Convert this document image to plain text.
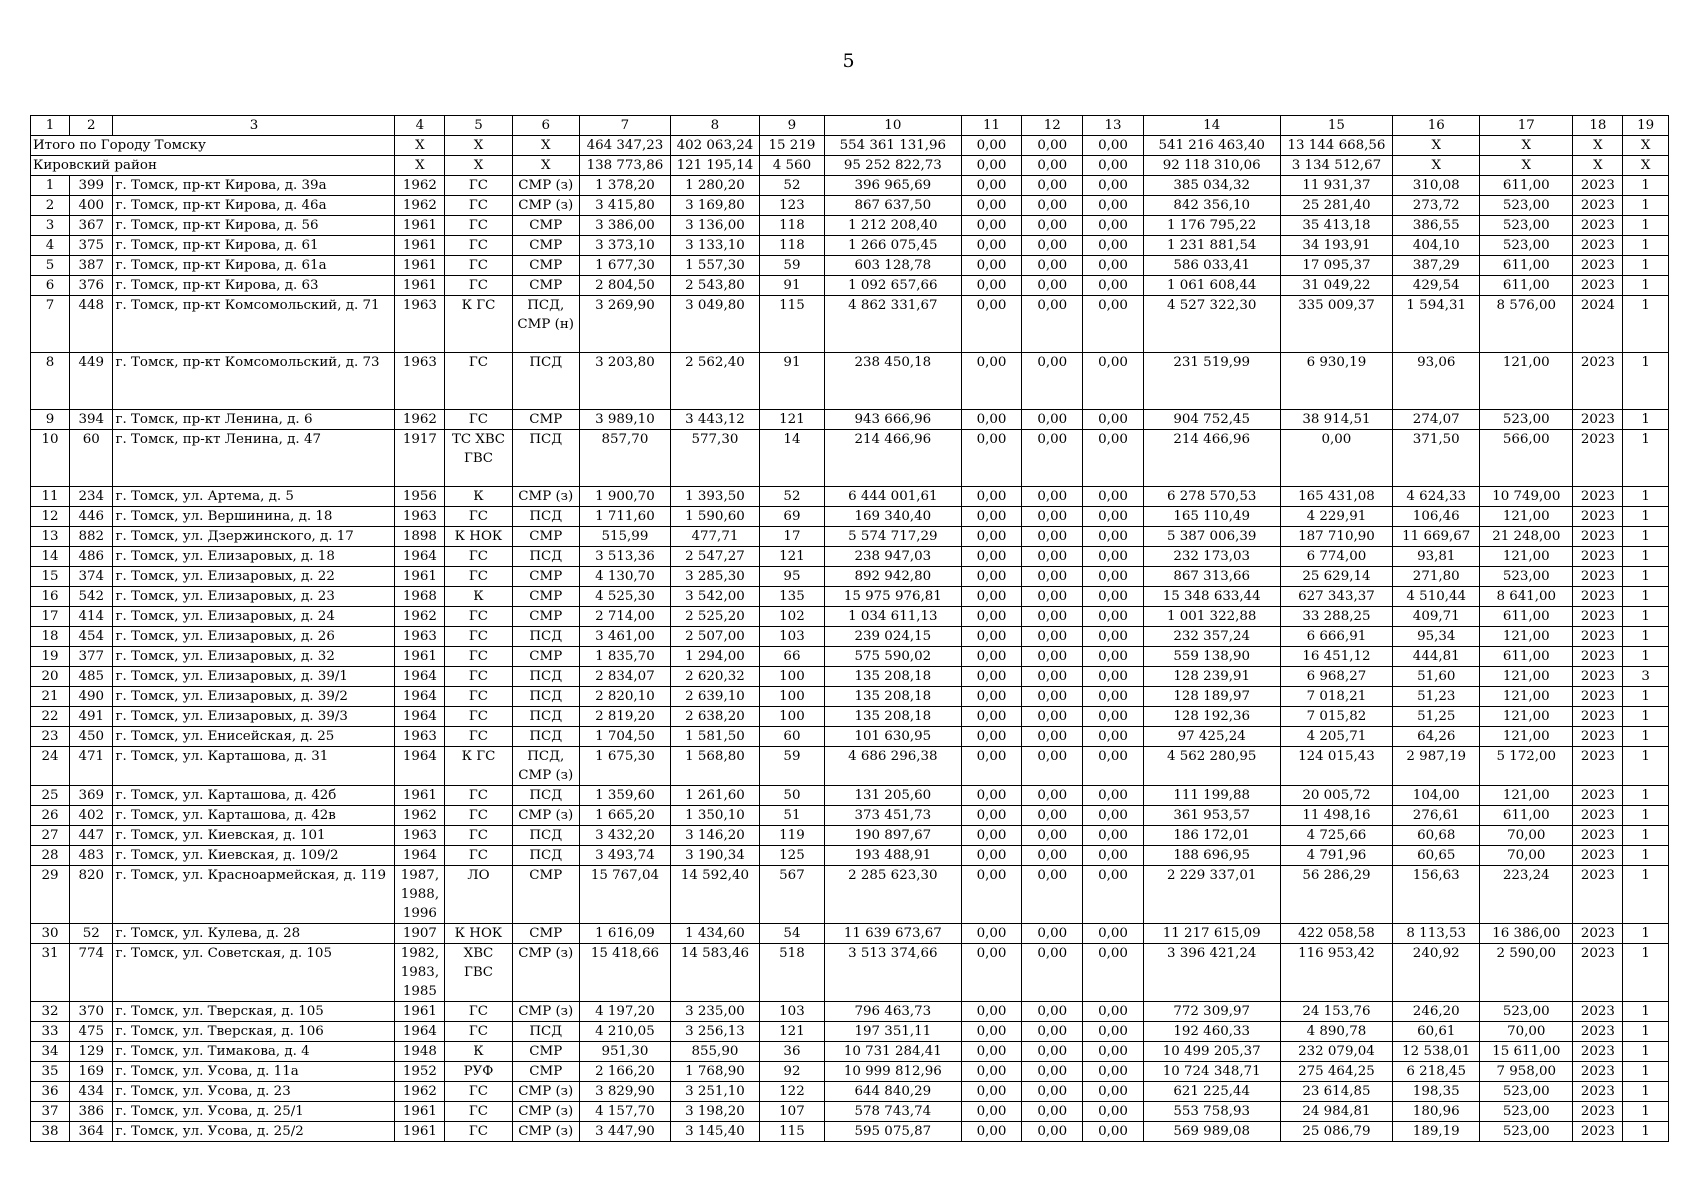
5
1	2	3	4	5	6	7	8	9	10	11	12	13	14	15	16	17	18	19
Итого по Городу Томску			X	X	X	464 347,23	402 063,24	15 219	554 361 131,96	0,00	0,00	0,00	541 216 463,40	13 144 668,56	X	X	X	X
Кировский район			X	X	X	138 773,86	121 195,14	4 560	95 252 822,73	0,00	0,00	0,00	92 118 310,06	3 134 512,67	X	X	X	X
1	399	г. Томск, пр-кт Кирова, д. 39а	1962	ГС	СМР (з)	1 378,20	1 280,20	52	396 965,69	0,00	0,00	0,00	385 034,32	11 931,37	310,08	611,00	2023	1
2	400	г. Томск, пр-кт Кирова, д. 46а	1962	ГС	СМР (з)	3 415,80	3 169,80	123	867 637,50	0,00	0,00	0,00	842 356,10	25 281,40	273,72	523,00	2023	1
3	367	г. Томск, пр-кт Кирова, д. 56	1961	ГС	СМР	3 386,00	3 136,00	118	1 212 208,40	0,00	0,00	0,00	1 176 795,22	35 413,18	386,55	523,00	2023	1
4	375	г. Томск, пр-кт Кирова, д. 61	1961	ГС	СМР	3 373,10	3 133,10	118	1 266 075,45	0,00	0,00	0,00	1 231 881,54	34 193,91	404,10	523,00	2023	1
5	387	г. Томск, пр-кт Кирова, д. 61а	1961	ГС	СМР	1 677,30	1 557,30	59	603 128,78	0,00	0,00	0,00	586 033,41	17 095,37	387,29	611,00	2023	1
6	376	г. Томск, пр-кт Кирова, д. 63	1961	ГС	СМР	2 804,50	2 543,80	91	1 092 657,66	0,00	0,00	0,00	1 061 608,44	31 049,22	429,54	611,00	2023	1
7	448	г. Томск, пр-кт Комсомольский, д. 71	1963	К ГС	ПСД,
СМР (н)	3 269,90	3 049,80	115	4 862 331,67	0,00	0,00	0,00	4 527 322,30	335 009,37	1 594,31	8 576,00	2024	1
8	449	г. Томск, пр-кт Комсомольский, д. 73	1963	ГС	ПСД	3 203,80	2 562,40	91	238 450,18	0,00	0,00	0,00	231 519,99	6 930,19	93,06	121,00	2023	1
9	394	г. Томск, пр-кт Ленина, д. 6	1962	ГС	СМР	3 989,10	3 443,12	121	943 666,96	0,00	0,00	0,00	904 752,45	38 914,51	274,07	523,00	2023	1
10	60	г. Томск, пр-кт Ленина, д. 47	1917	ТС ХВС
ГВС	ПСД	857,70	577,30	14	214 466,96	0,00	0,00	0,00	214 466,96	0,00	371,50	566,00	2023	1
11	234	г. Томск, ул. Артема, д. 5	1956	К	СМР (з)	1 900,70	1 393,50	52	6 444 001,61	0,00	0,00	0,00	6 278 570,53	165 431,08	4 624,33	10 749,00	2023	1
12	446	г. Томск, ул. Вершинина, д. 18	1963	ГС	ПСД	1 711,60	1 590,60	69	169 340,40	0,00	0,00	0,00	165 110,49	4 229,91	106,46	121,00	2023	1
13	882	г. Томск, ул. Дзержинского, д. 17	1898	К НОК	СМР	515,99	477,71	17	5 574 717,29	0,00	0,00	0,00	5 387 006,39	187 710,90	11 669,67	21 248,00	2023	1
14	486	г. Томск, ул. Елизаровых, д. 18	1964	ГС	ПСД	3 513,36	2 547,27	121	238 947,03	0,00	0,00	0,00	232 173,03	6 774,00	93,81	121,00	2023	1
15	374	г. Томск, ул. Елизаровых, д. 22	1961	ГС	СМР	4 130,70	3 285,30	95	892 942,80	0,00	0,00	0,00	867 313,66	25 629,14	271,80	523,00	2023	1
16	542	г. Томск, ул. Елизаровых, д. 23	1968	К	СМР	4 525,30	3 542,00	135	15 975 976,81	0,00	0,00	0,00	15 348 633,44	627 343,37	4 510,44	8 641,00	2023	1
17	414	г. Томск, ул. Елизаровых, д. 24	1962	ГС	СМР	2 714,00	2 525,20	102	1 034 611,13	0,00	0,00	0,00	1 001 322,88	33 288,25	409,71	611,00	2023	1
18	454	г. Томск, ул. Елизаровых, д. 26	1963	ГС	ПСД	3 461,00	2 507,00	103	239 024,15	0,00	0,00	0,00	232 357,24	6 666,91	95,34	121,00	2023	1
19	377	г. Томск, ул. Елизаровых, д. 32	1961	ГС	СМР	1 835,70	1 294,00	66	575 590,02	0,00	0,00	0,00	559 138,90	16 451,12	444,81	611,00	2023	1
20	485	г. Томск, ул. Елизаровых, д. 39/1	1964	ГС	ПСД	2 834,07	2 620,32	100	135 208,18	0,00	0,00	0,00	128 239,91	6 968,27	51,60	121,00	2023	3
21	490	г. Томск, ул. Елизаровых, д. 39/2	1964	ГС	ПСД	2 820,10	2 639,10	100	135 208,18	0,00	0,00	0,00	128 189,97	7 018,21	51,23	121,00	2023	1
22	491	г. Томск, ул. Елизаровых, д. 39/3	1964	ГС	ПСД	2 819,20	2 638,20	100	135 208,18	0,00	0,00	0,00	128 192,36	7 015,82	51,25	121,00	2023	1
23	450	г. Томск, ул. Енисейская, д. 25	1963	ГС	ПСД	1 704,50	1 581,50	60	101 630,95	0,00	0,00	0,00	97 425,24	4 205,71	64,26	121,00	2023	1
24	471	г. Томск, ул. Карташова, д. 31	1964	К ГС	ПСД,
СМР (з)	1 675,30	1 568,80	59	4 686 296,38	0,00	0,00	0,00	4 562 280,95	124 015,43	2 987,19	5 172,00	2023	1
25	369	г. Томск, ул. Карташова, д. 42б	1961	ГС	ПСД	1 359,60	1 261,60	50	131 205,60	0,00	0,00	0,00	111 199,88	20 005,72	104,00	121,00	2023	1
26	402	г. Томск, ул. Карташова, д. 42в	1962	ГС	СМР (з)	1 665,20	1 350,10	51	373 451,73	0,00	0,00	0,00	361 953,57	11 498,16	276,61	611,00	2023	1
27	447	г. Томск, ул. Киевская, д. 101	1963	ГС	ПСД	3 432,20	3 146,20	119	190 897,67	0,00	0,00	0,00	186 172,01	4 725,66	60,68	70,00	2023	1
28	483	г. Томск, ул. Киевская, д. 109/2	1964	ГС	ПСД	3 493,74	3 190,34	125	193 488,91	0,00	0,00	0,00	188 696,95	4 791,96	60,65	70,00	2023	1
29	820	г. Томск, ул. Красноармейская, д. 119	1987,
1988,
1996	ЛО	СМР	15 767,04	14 592,40	567	2 285 623,30	0,00	0,00	0,00	2 229 337,01	56 286,29	156,63	223,24	2023	1
30	52	г. Томск, ул. Кулева, д. 28	1907	К НОК	СМР	1 616,09	1 434,60	54	11 639 673,67	0,00	0,00	0,00	11 217 615,09	422 058,58	8 113,53	16 386,00	2023	1
31	774	г. Томск, ул. Советская, д. 105	1982,
1983,
1985	ХВС
ГВС	СМР (з)	15 418,66	14 583,46	518	3 513 374,66	0,00	0,00	0,00	3 396 421,24	116 953,42	240,92	2 590,00	2023	1
32	370	г. Томск, ул. Тверская, д. 105	1961	ГС	СМР (з)	4 197,20	3 235,00	103	796 463,73	0,00	0,00	0,00	772 309,97	24 153,76	246,20	523,00	2023	1
33	475	г. Томск, ул. Тверская, д. 106	1964	ГС	ПСД	4 210,05	3 256,13	121	197 351,11	0,00	0,00	0,00	192 460,33	4 890,78	60,61	70,00	2023	1
34	129	г. Томск, ул. Тимакова, д. 4	1948	К	СМР	951,30	855,90	36	10 731 284,41	0,00	0,00	0,00	10 499 205,37	232 079,04	12 538,01	15 611,00	2023	1
35	169	г. Томск, ул. Усова, д. 11а	1952	РУФ	СМР	2 166,20	1 768,90	92	10 999 812,96	0,00	0,00	0,00	10 724 348,71	275 464,25	6 218,45	7 958,00	2023	1
36	434	г. Томск, ул. Усова, д. 23	1962	ГС	СМР (з)	3 829,90	3 251,10	122	644 840,29	0,00	0,00	0,00	621 225,44	23 614,85	198,35	523,00	2023	1
37	386	г. Томск, ул. Усова, д. 25/1	1961	ГС	СМР (з)	4 157,70	3 198,20	107	578 743,74	0,00	0,00	0,00	553 758,93	24 984,81	180,96	523,00	2023	1
38	364	г. Томск, ул. Усова, д. 25/2	1961	ГС	СМР (з)	3 447,90	3 145,40	115	595 075,87	0,00	0,00	0,00	569 989,08	25 086,79	189,19	523,00	2023	1
